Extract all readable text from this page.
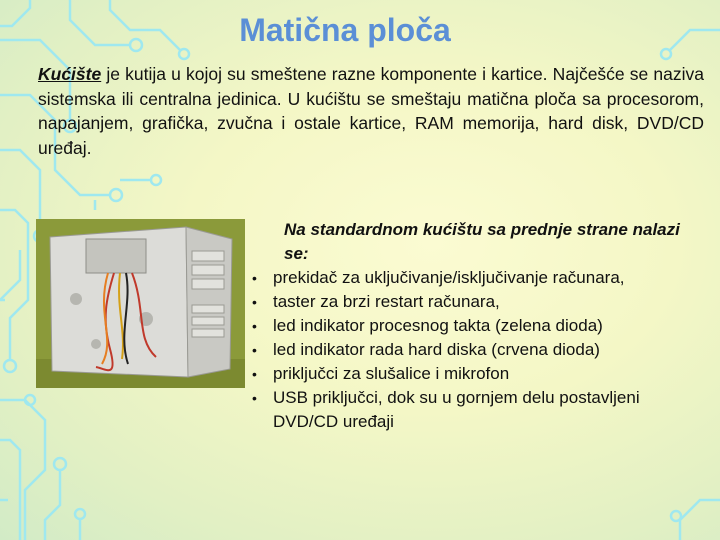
Matična ploča

Kućište je kutija u kojoj su smeštene razne komponente i kartice. Najčešće se naziva sistemska ili centralna jedinica. U kućištu se smeštaju matična ploča sa procesorom, napajanjem, grafička, zvučna i ostale kartice, RAM memorija, hard disk, DVD/CD uređaj.

Na standardnom kućištu sa prednje strane nalazi se:

• prekidač za uključivanje/isključivanje računara,
• taster za brzi restart računara,
• led indikator procesnog takta (zelena dioda)
• led indikator rada hard diska (crvena dioda)
• priključci za slušalice i mikrofon
• USB priključci, dok su u gornjem delu postavljeni DVD/CD uređaji
